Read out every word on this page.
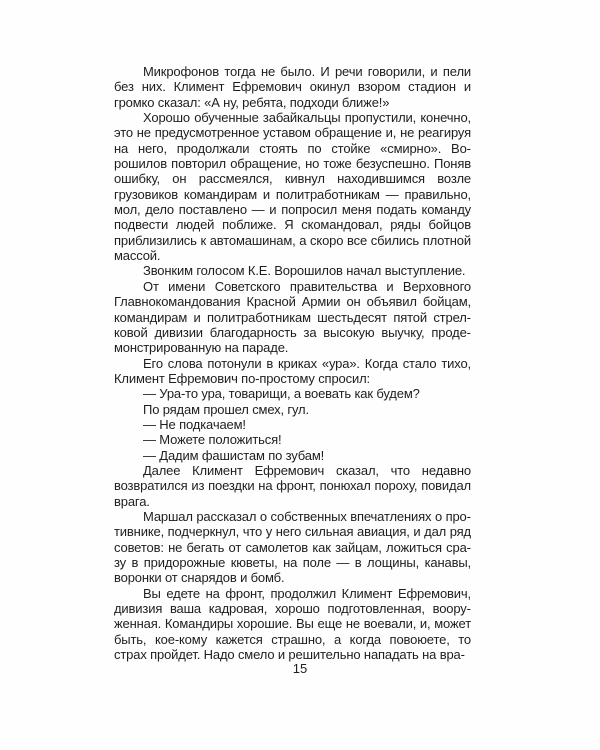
Микрофонов тогда не было. И речи говорили, и пели без них. Климент Ефремович окинул взором стадион и громко сказал: «А ну, ребята, подходи ближе!»

Хорошо обученные забайкальцы пропустили, конечно, это не предусмотренное уставом обращение и, не реагируя на него, продолжали стоять по стойке «смирно». Ворошилов повторил обращение, но тоже безуспешно. Поняв ошибку, он рассмеялся, кивнул находившимся возле грузовиков командирам и политработникам — правильно, мол, дело поставлено — и попросил меня подать команду подвести людей поближе. Я скомандовал, ряды бойцов приблизились к автомашинам, а скоро все сбились плотной массой.

Звонким голосом К.Е. Ворошилов начал выступление.

От имени Советского правительства и Верховного Главнокомандования Красной Армии он объявил бойцам, командирам и политработникам шестьдесят пятой стрелковой дивизии благодарность за высокую выучку, продемонстрированную на параде.

Его слова потонули в криках «ура». Когда стало тихо, Климент Ефремович по-простому спросил:

— Ура-то ура, товарищи, а воевать как будем?

По рядам прошел смех, гул.

— Не подкачаем!

— Можете положиться!

— Дадим фашистам по зубам!

Далее Климент Ефремович сказал, что недавно возвратился из поездки на фронт, понюхал пороху, повидал врага.

Маршал рассказал о собственных впечатлениях о противнике, подчеркнул, что у него сильная авиация, и дал ряд советов: не бегать от самолетов как зайцам, ложиться сразу в придорожные кюветы, на поле — в лощины, канавы, воронки от снарядов и бомб.

Вы едете на фронт, продолжил Климент Ефремович, дивизия ваша кадровая, хорошо подготовленная, вооруженная. Командиры хорошие. Вы еще не воевали, и, может быть, кое-кому кажется страшно, а когда повоюете, то страх пройдет. Надо смело и решительно нападать на вра-

15
